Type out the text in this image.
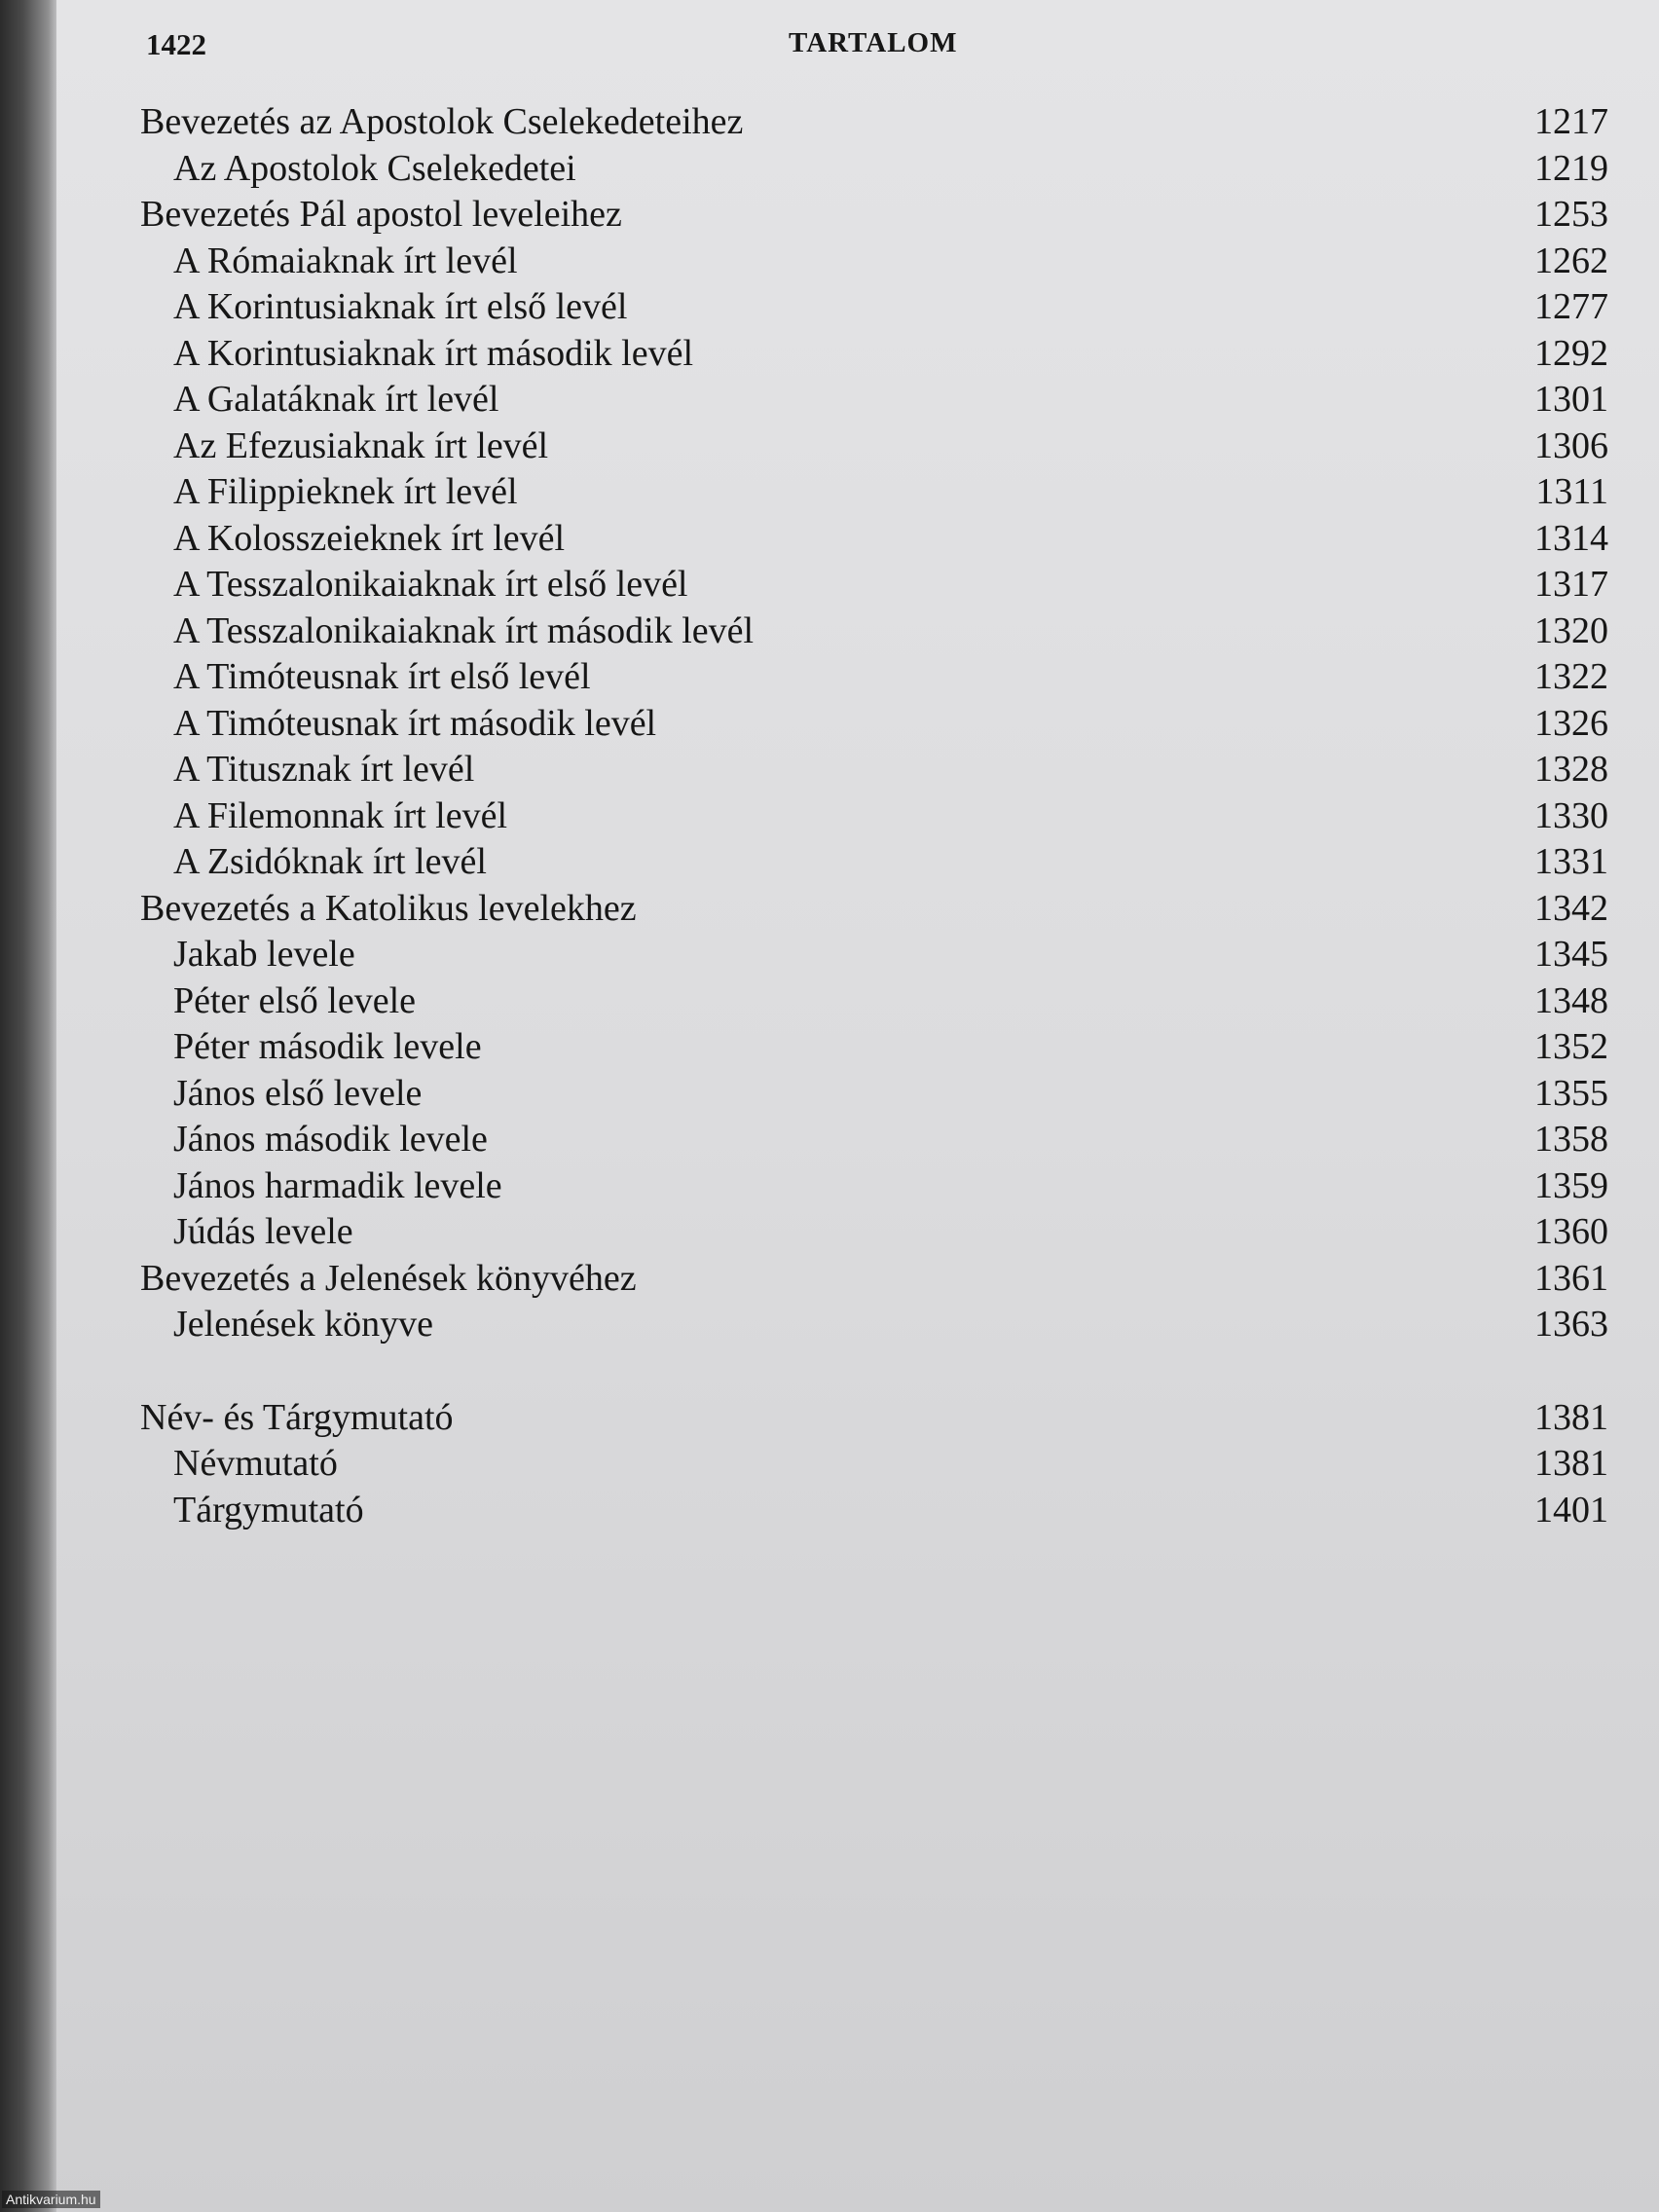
1422	TARTALOM
Bevezetés az Apostolok Cselekedeteihez	1217
Az Apostolok Cselekedetei	1219
Bevezetés Pál apostol leveleihez	1253
A Rómaiaknak írt levél	1262
A Korintusiaknak írt első levél	1277
A Korintusiaknak írt második levél	1292
A Galatáknak írt levél	1301
Az Efezusiaknak írt levél	1306
A Filippieknek írt levél	1311
A Kolosszeieknek írt levél	1314
A Tesszalonikaiaknak írt első levél	1317
A Tesszalonikaiaknak írt második levél	1320
A Timóteusnak írt első levél	1322
A Timóteusnak írt második levél	1326
A Titusznak írt levél	1328
A Filemonnak írt levél	1330
A Zsidóknak írt levél	1331
Bevezetés a Katolikus levelekhez	1342
Jakab levele	1345
Péter első levele	1348
Péter második levele	1352
János első levele	1355
János második levele	1358
János harmadik levele	1359
Júdás levele	1360
Bevezetés a Jelenések könyvéhez	1361
Jelenések könyve	1363
Név- és Tárgymutató	1381
Névmutató	1381
Tárgymutató	1401
Antikvarium.hu
